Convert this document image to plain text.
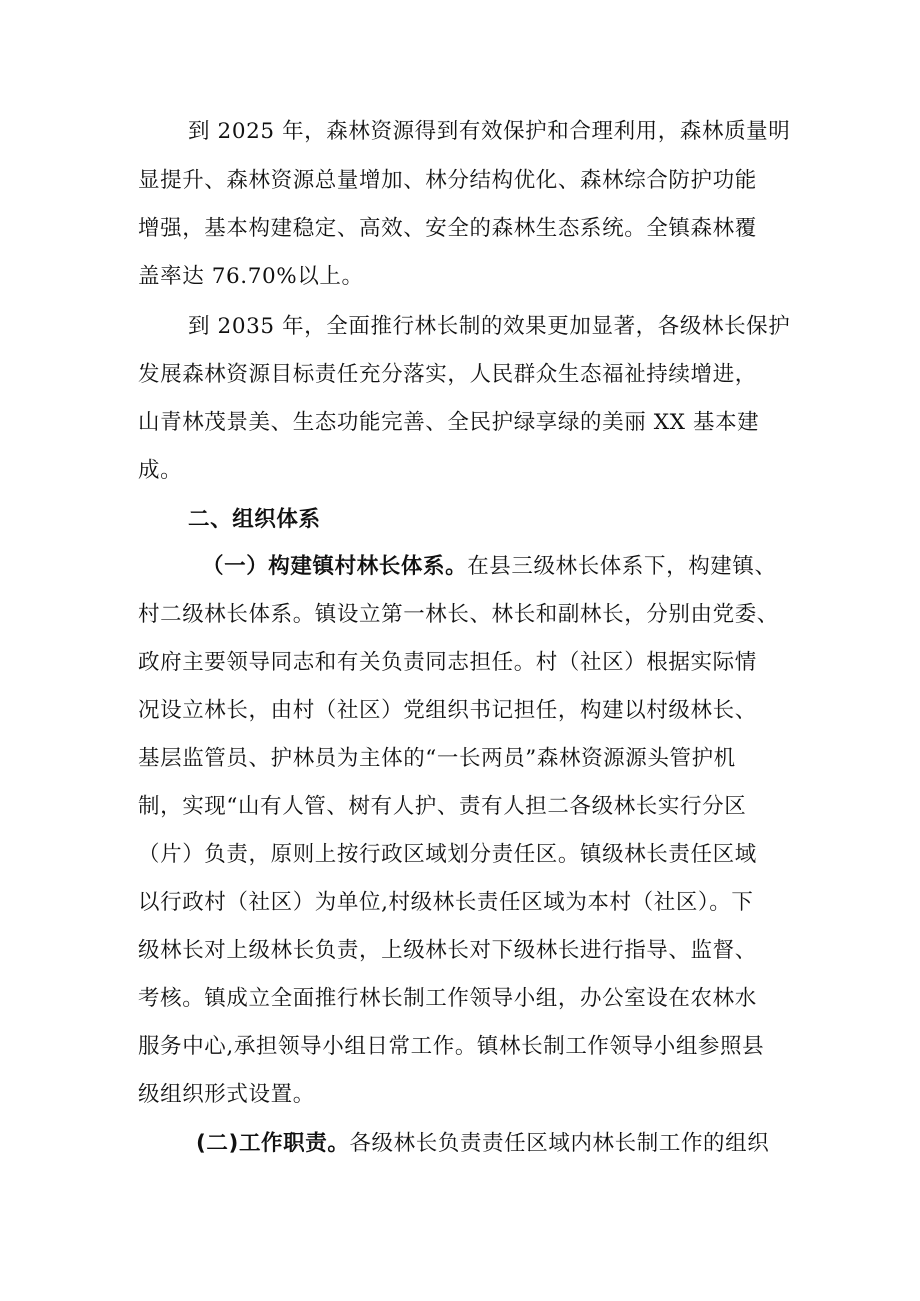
到 2025 年，森林资源得到有效保护和合理利用，森林质量明
显提升、森林资源总量增加、林分结构优化、森林综合防护功能
增强，基本构建稳定、高效、安全的森林生态系统。全镇森林覆
盖率达 76.70%以上。
到 2035 年，全面推行林长制的效果更加显著，各级林长保护
发展森林资源目标责任充分落实，人民群众生态福祉持续增进，
山青林茂景美、生态功能完善、全民护绿享绿的美丽 XX 基本建
成。
二、组织体系
（一）构建镇村林长体系。在县三级林长体系下，构建镇、
村二级林长体系。镇设立第一林长、林长和副林长，分别由党委、
政府主要领导同志和有关负责同志担任。村（社区）根据实际情
况设立林长，由村（社区）党组织书记担任，构建以村级林长、
基层监管员、护林员为主体的“一长两员”森林资源源头管护机
制，实现“山有人管、树有人护、责有人担二各级林长实行分区
（片）负责，原则上按行政区域划分责任区。镇级林长责任区域
以行政村（社区）为单位,村级林长责任区域为本村（社区）。下
级林长对上级林长负责，上级林长对下级林长进行指导、监督、
考核。镇成立全面推行林长制工作领导小组，办公室设在农林水
服务中心,承担领导小组日常工作。镇林长制工作领导小组参照县
级组织形式设置。
(二)工作职责。各级林长负责责任区域内林长制工作的组织
